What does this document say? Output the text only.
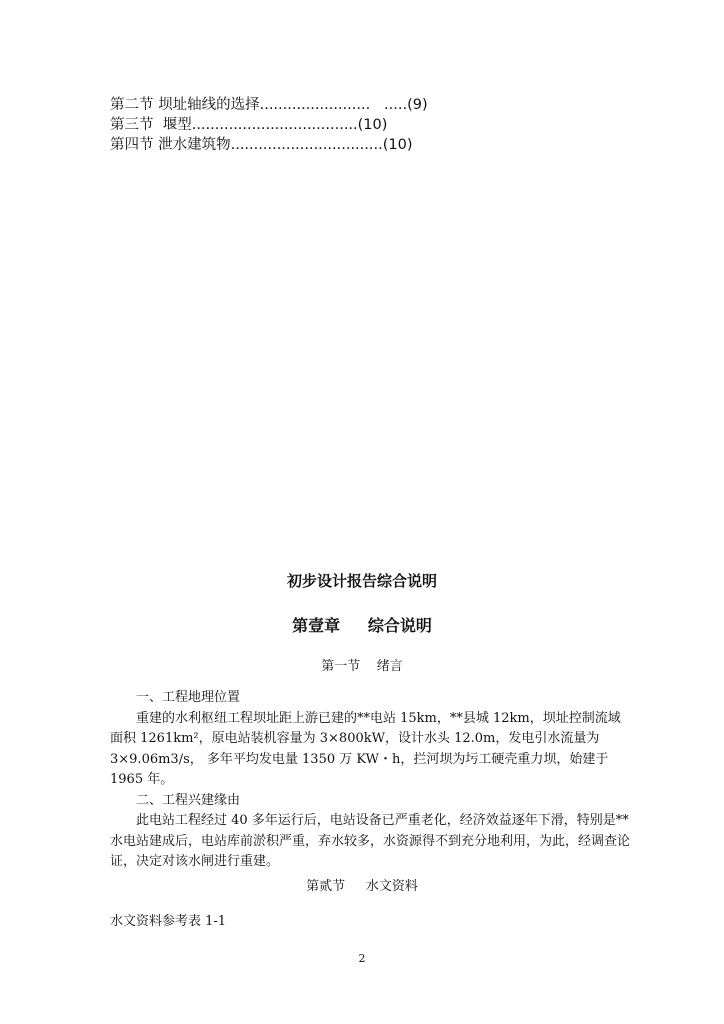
第二节 坝址轴线的选择........................   .....(9)
第三节  堰型....................................(10)
第四节 泄水建筑物.................................(10)
初步设计报告综合说明
第壹章     综合说明
第一节    绪言

一、工程地理位置

重建的水利枢纽工程坝址距上游已建的**电站 15km，**县城 12km，坝址控制流域面积 1261km²，原电站装机容量为 3×800kW，设计水头 12.0m，发电引水流量为 3×9.06m3/s， 多年平均发电量 1350 万 KW・h，拦河坝为圬工硬壳重力坝，始建于 1965 年。

二、工程兴建缘由

此电站工程经过 40 多年运行后，电站设备已严重老化，经济效益逐年下滑，特别是**水电站建成后，电站库前淤积严重，弃水较多，水资源得不到充分地利用，为此，经调查论证，决定对该水闸进行重建。

第贰节     水文资料
水文资料参考表 1-1
2
